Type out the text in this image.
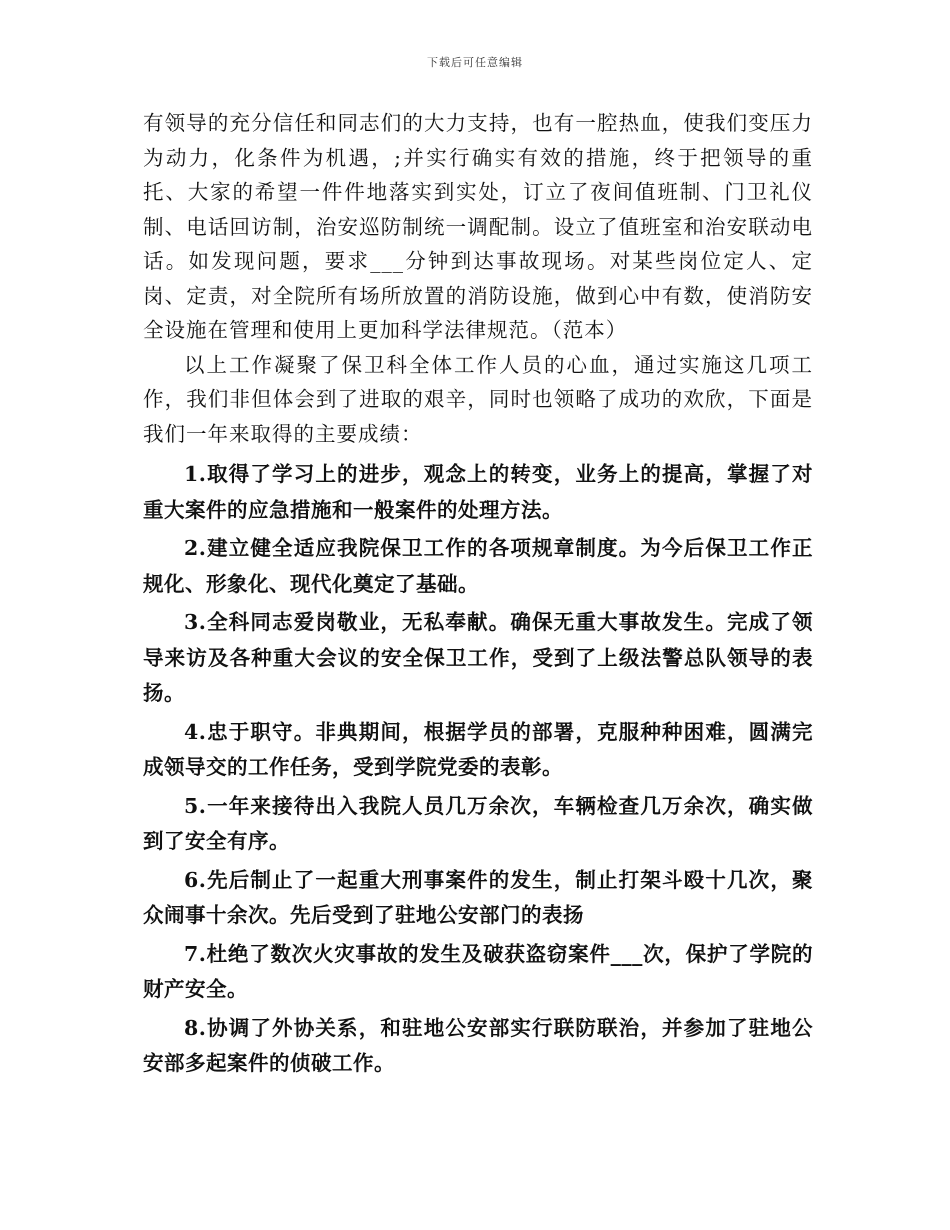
下载后可任意编辑

有领导的充分信任和同志们的大力支持，也有一腔热血，使我们变压力为动力，化条件为机遇，;并实行确实有效的措施，终于把领导的重托、大家的希望一件件地落实到实处，订立了夜间值班制、门卫礼仪制、电话回访制，治安巡防制统一调配制。设立了值班室和治安联动电话。如发现问题，要求___分钟到达事故现场。对某些岗位定人、定岗、定责，对全院所有场所放置的消防设施，做到心中有数，使消防安全设施在管理和使用上更加科学法律规范。（范本）

以上工作凝聚了保卫科全体工作人员的心血，通过实施这几项工作，我们非但体会到了进取的艰辛，同时也领略了成功的欢欣，下面是我们一年来取得的主要成绩：

1.取得了学习上的进步，观念上的转变，业务上的提高，掌握了对重大案件的应急措施和一般案件的处理方法。

2.建立健全适应我院保卫工作的各项规章制度。为今后保卫工作正规化、形象化、现代化奠定了基础。

3.全科同志爱岗敬业，无私奉献。确保无重大事故发生。完成了领导来访及各种重大会议的安全保卫工作，受到了上级法警总队领导的表扬。

4.忠于职守。非典期间，根据学员的部署，克服种种困难，圆满完成领导交的工作任务，受到学院党委的表彰。

5.一年来接待出入我院人员几万余次，车辆检查几万余次，确实做到了安全有序。

6.先后制止了一起重大刑事案件的发生，制止打架斗殴十几次，聚众闹事十余次。先后受到了驻地公安部门的表扬

7.杜绝了数次火灾事故的发生及破获盗窃案件___次，保护了学院的财产安全。

8.协调了外协关系，和驻地公安部实行联防联治，并参加了驻地公安部多起案件的侦破工作。
